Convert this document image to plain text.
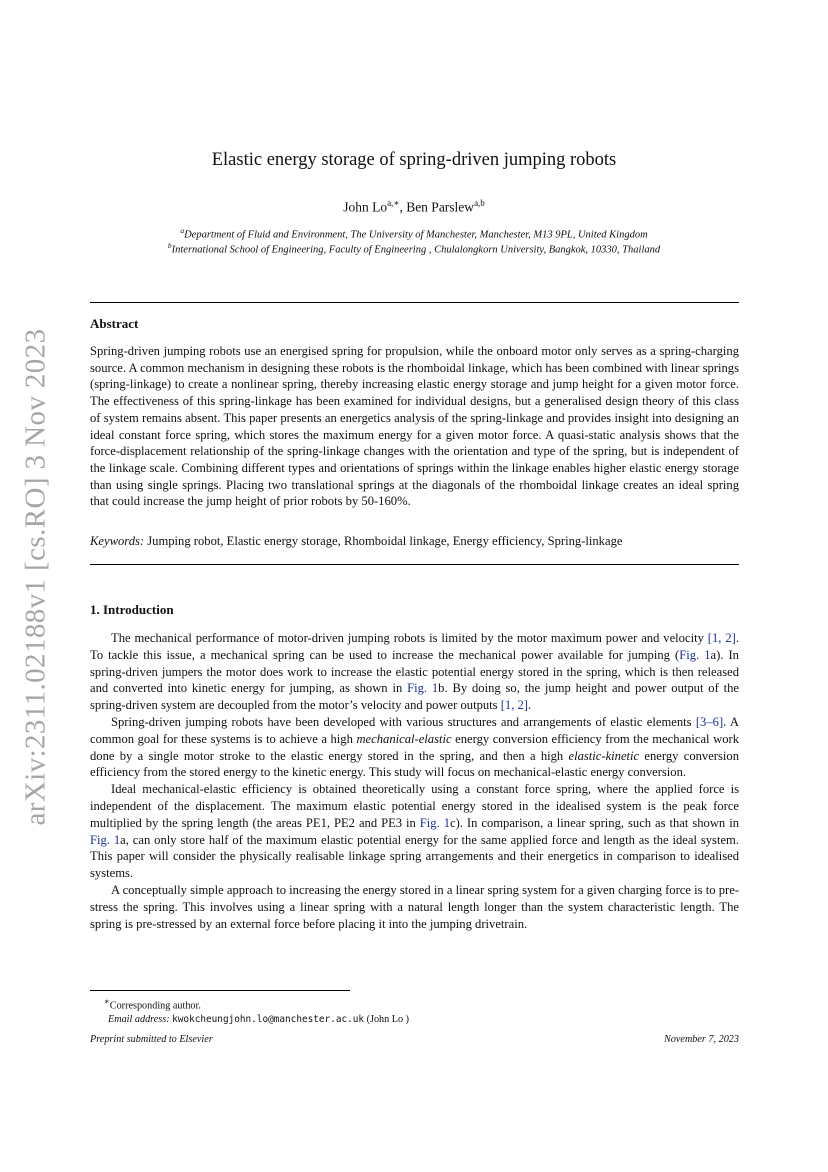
arXiv:2311.02188v1 [cs.RO] 3 Nov 2023
Elastic energy storage of spring-driven jumping robots
John $Lo^{a,∗}$, Ben Parslew$^{a,b}$
$^a$Department of Fluid and Environment, The University of Manchester, Manchester, M13 9PL, United Kingdom
$^b$International School of Engineering, Faculty of Engineering , Chulalongkorn University, Bangkok, 10330, Thailand
Abstract
Spring-driven jumping robots use an energised spring for propulsion, while the onboard motor only serves as a spring-charging source. A common mechanism in designing these robots is the rhomboidal linkage, which has been combined with linear springs (spring-linkage) to create a nonlinear spring, thereby increasing elastic energy storage and jump height for a given motor force. The effectiveness of this spring-linkage has been examined for individual designs, but a generalised design theory of this class of system remains absent. This paper presents an energetics analysis of the spring-linkage and provides insight into designing an ideal constant force spring, which stores the maximum energy for a given motor force. A quasi-static analysis shows that the force-displacement relationship of the spring-linkage changes with the orientation and type of the spring, but is independent of the linkage scale. Combining different types and orientations of springs within the linkage enables higher elastic energy storage than using single springs. Placing two translational springs at the diagonals of the rhomboidal linkage creates an ideal spring that could increase the jump height of prior robots by 50-160%.
Keywords: Jumping robot, Elastic energy storage, Rhomboidal linkage, Energy efficiency, Spring-linkage
1. Introduction

The mechanical performance of motor-driven jumping robots is limited by the motor maximum power and velocity [1, 2]. To tackle this issue, a mechanical spring can be used to increase the mechanical power available for jumping (Fig. 1a). In spring-driven jumpers the motor does work to increase the elastic potential energy stored in the spring, which is then released and converted into kinetic energy for jumping, as shown in Fig. 1b. By doing so, the jump height and power output of the spring-driven system are decoupled from the motor’s velocity and power outputs [1, 2].

Spring-driven jumping robots have been developed with various structures and arrangements of elastic elements [3–6]. A common goal for these systems is to achieve a high mechanical-elastic energy conversion efficiency from the mechanical work done by a single motor stroke to the elastic energy stored in the spring, and then a high elastic-kinetic energy conversion efficiency from the stored energy to the kinetic energy. This study will focus on mechanical-elastic energy conversion.

Ideal mechanical-elastic efficiency is obtained theoretically using a constant force spring, where the applied force is independent of the displacement. The maximum elastic potential energy stored in the idealised system is the peak force multiplied by the spring length (the areas PE1, PE2 and PE3 in Fig. 1c). In comparison, a linear spring, such as that shown in Fig. 1a, can only store half of the maximum elastic potential energy for the same applied force and length as the ideal system. This paper will consider the physically realisable linkage spring arrangements and their energetics in comparison to idealised systems.

A conceptually simple approach to increasing the energy stored in a linear spring system for a given charging force is to pre-stress the spring. This involves using a linear spring with a natural length longer than the system characteristic length. The spring is pre-stressed by an external force before placing it into the jumping drivetrain.

∗Corresponding author.
Email address: kwokcheungjohn.lo@manchester.ac.uk (John Lo )
Preprint submitted to Elsevier	November 7, 2023
